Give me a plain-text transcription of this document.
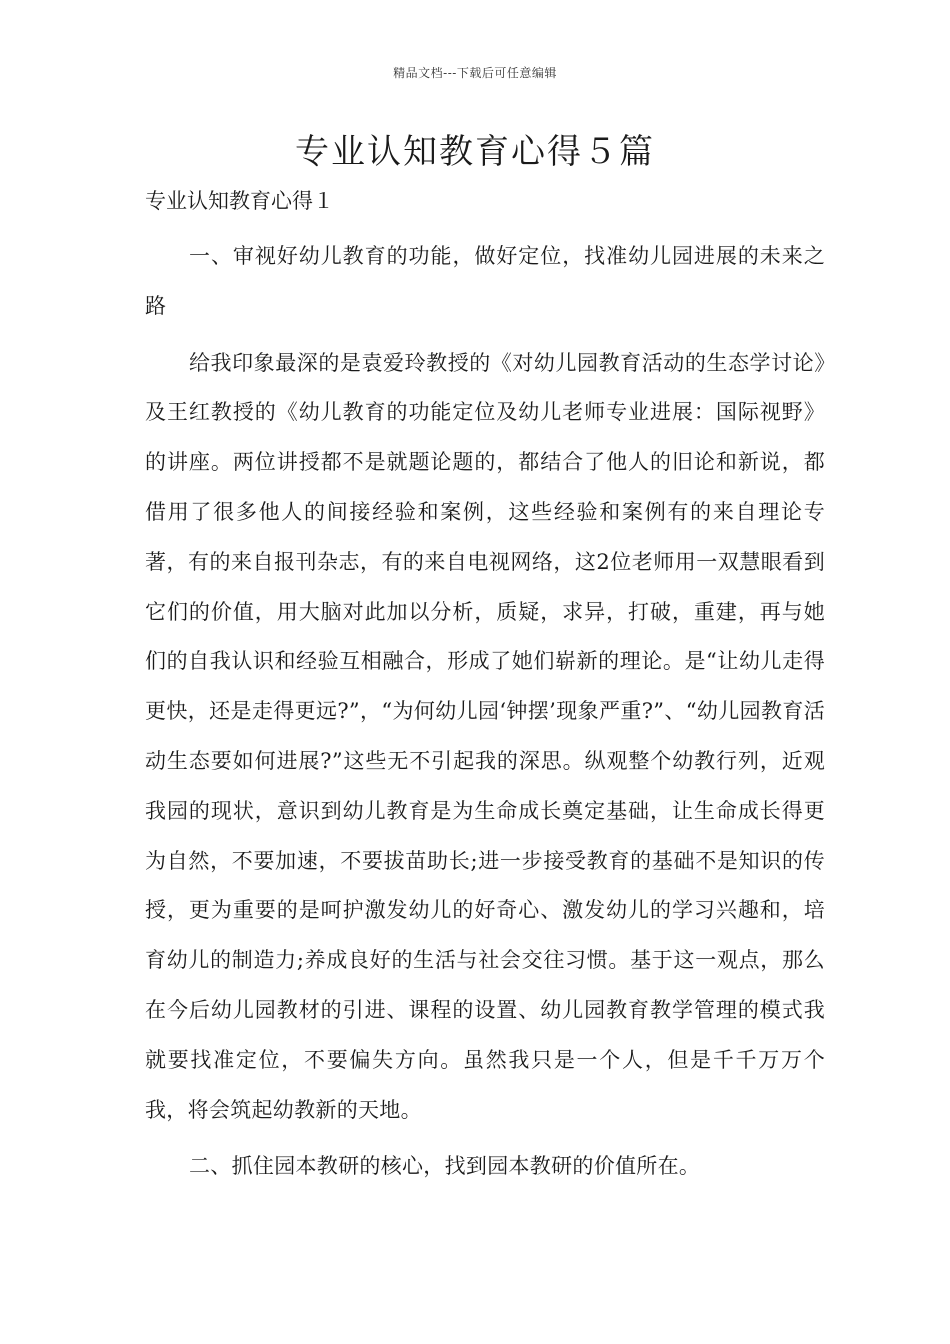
精品文档---下载后可任意编辑
专业认知教育心得５篇
专业认知教育心得１

一、审视好幼儿教育的功能，做好定位，找准幼儿园进展的未来之路

给我印象最深的是袁爱玲教授的《对幼儿园教育活动的生态学讨论》及王红教授的《幼儿教育的功能定位及幼儿老师专业进展：国际视野》的讲座。两位讲授都不是就题论题的，都结合了他人的旧论和新说，都借用了很多他人的间接经验和案例，这些经验和案例有的来自理论专著，有的来自报刊杂志，有的来自电视网络，这2位老师用一双慧眼看到它们的价值，用大脑对此加以分析，质疑，求异，打破，重建，再与她们的自我认识和经验互相融合，形成了她们崭新的理论。是“让幼儿走得更快，还是走得更远?”，“为何幼儿园‘钟摆’现象严重?”、“幼儿园教育活动生态要如何进展?”这些无不引起我的深思。纵观整个幼教行列，近观我园的现状，意识到幼儿教育是为生命成长奠定基础，让生命成长得更为自然，不要加速，不要拔苗助长;进一步接受教育的基础不是知识的传授，更为重要的是呵护激发幼儿的好奇心、激发幼儿的学习兴趣和，培育幼儿的制造力;养成良好的生活与社会交往习惯。基于这一观点，那么在今后幼儿园教材的引进、课程的设置、幼儿园教育教学管理的模式我就要找准定位，不要偏失方向。虽然我只是一个人，但是千千万万个我，将会筑起幼教新的天地。

二、抓住园本教研的核心，找到园本教研的价值所在。
